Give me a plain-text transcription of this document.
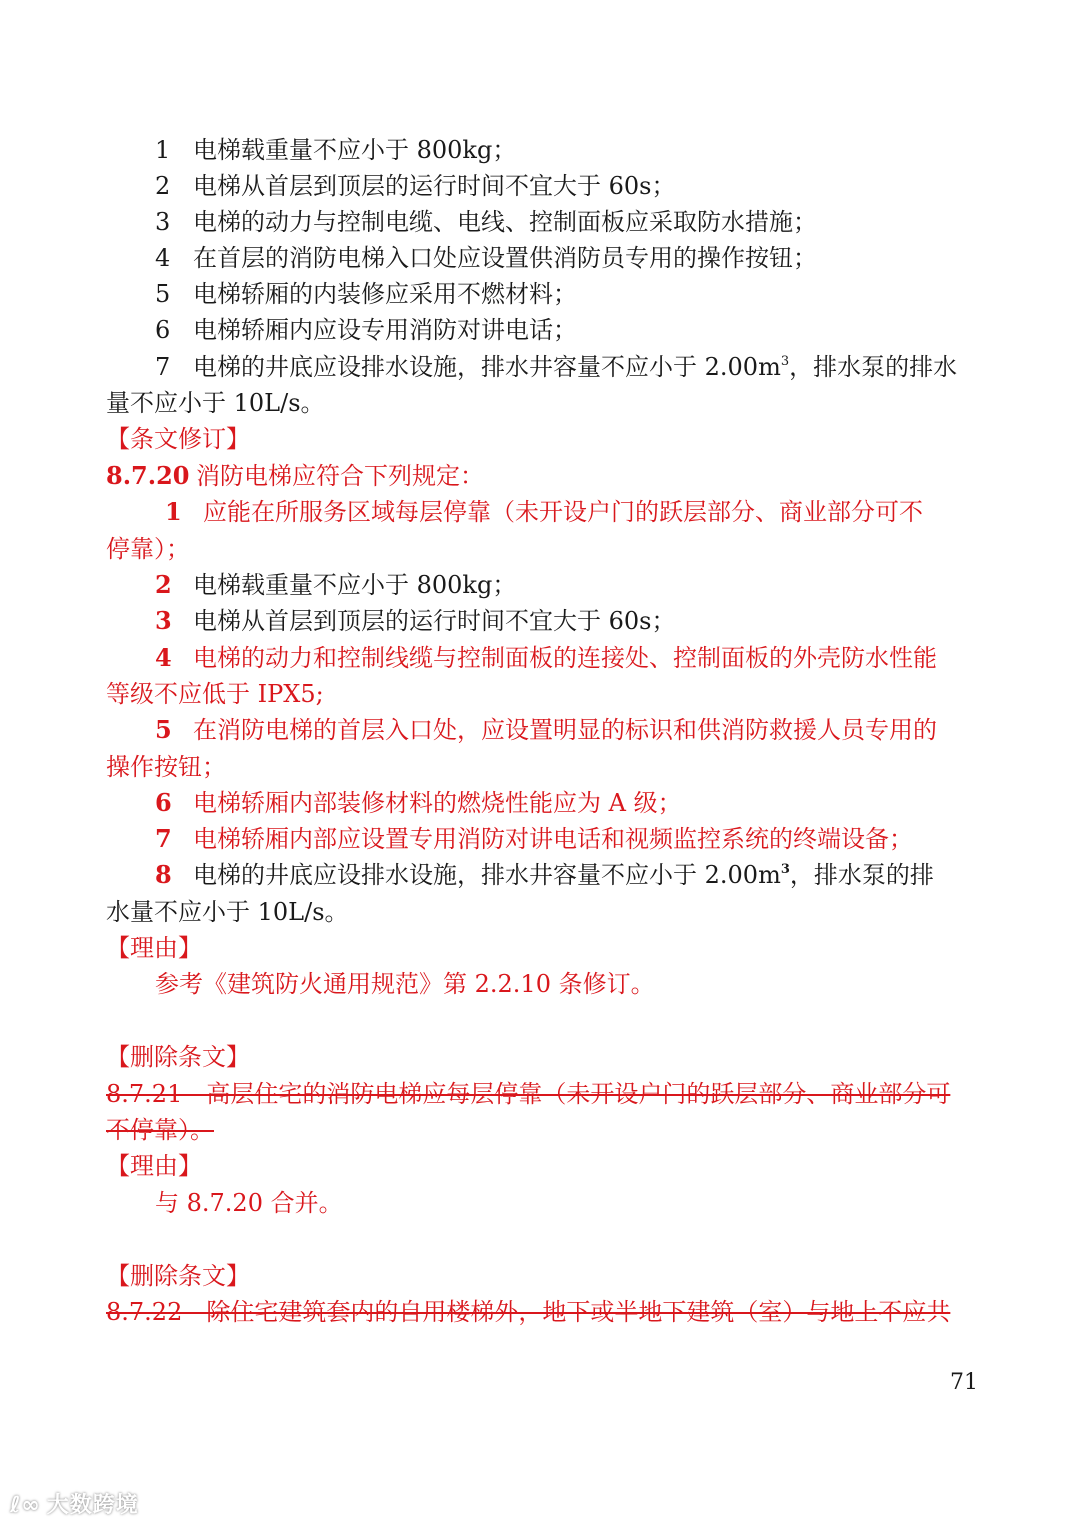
1 电梯载重量不应小于 800kg；
2 电梯从首层到顶层的运行时间不宜大于 60s；
3 电梯的动力与控制电缆、电线、控制面板应采取防水措施；
4 在首层的消防电梯入口处应设置供消防员专用的操作按钮；
5 电梯轿厢的内装修应采用不燃材料；
6 电梯轿厢内应设专用消防对讲电话；
7 电梯的井底应设排水设施，排水井容量不应小于 $2.00m^3$，排水泵的排水
量不应小于 10L/s。
【条文修订】
8.7.20 消防电梯应符合下列规定：
1 应能在所服务区域每层停靠（未开设户门的跃层部分、商业部分可不
停靠）；
2 电梯载重量不应小于 800kg；
3 电梯从首层到顶层的运行时间不宜大于 60s；
4 电梯的动力和控制线缆与控制面板的连接处、控制面板的外壳防水性能
等级不应低于 IPX5;
5 在消防电梯的首层入口处，应设置明显的标识和供消防救援人员专用的
操作按钮；
6 电梯轿厢内部装修材料的燃烧性能应为 A 级；
7 电梯轿厢内部应设置专用消防对讲电话和视频监控系统的终端设备；
8 电梯的井底应设排水设施，排水井容量不应小于 $2.00m^3$，排水泵的排
水量不应小于 10L/s。
【理由】
参考《建筑防火通用规范》第 2.2.10 条修订。
【删除条文】
8.7.21　高层住宅的消防电梯应每层停靠（未开设户门的跃层部分、商业部分可
不停靠）。
【理由】
与 8.7.20 合并。
【删除条文】
8.7.22　除住宅建筑套内的自用楼梯外，地下或半地下建筑（室）与地上不应共
71
ℓ∞ 大数跨境
